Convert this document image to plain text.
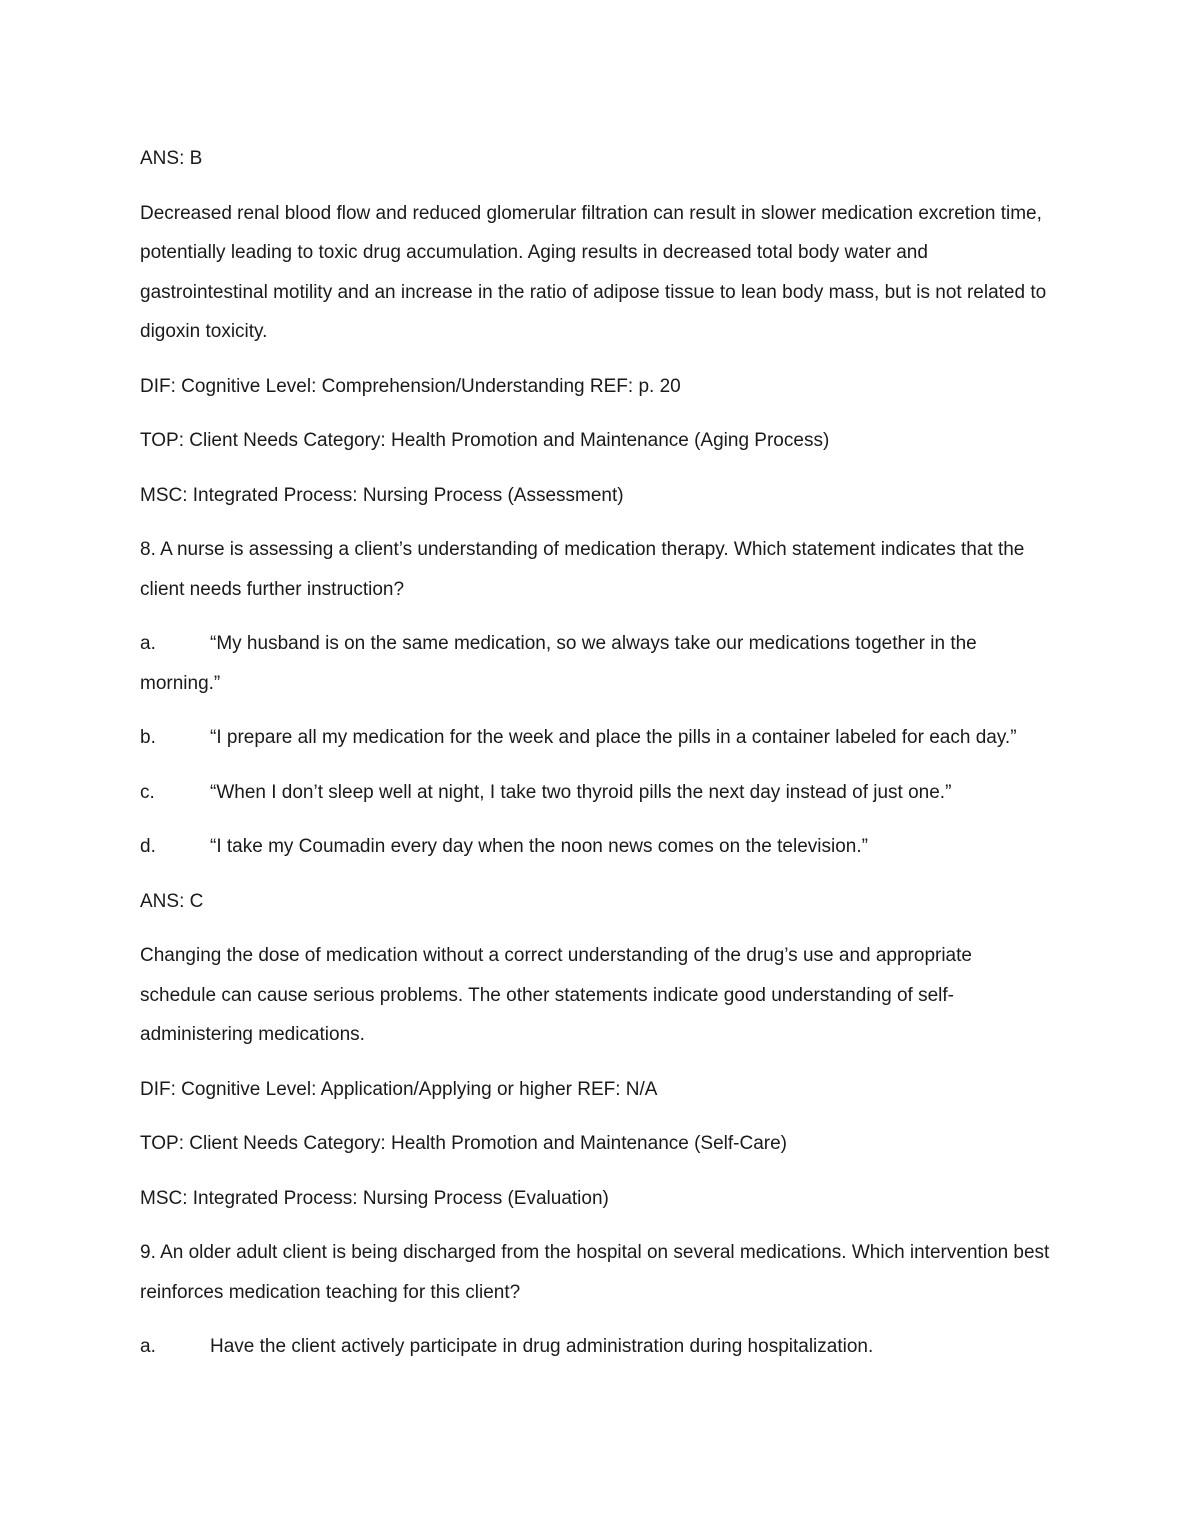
ANS: B

Decreased renal blood flow and reduced glomerular filtration can result in slower medication excretion time, potentially leading to toxic drug accumulation. Aging results in decreased total body water and gastrointestinal motility and an increase in the ratio of adipose tissue to lean body mass, but is not related to digoxin toxicity.

DIF: Cognitive Level: Comprehension/Understanding REF: p. 20

TOP: Client Needs Category: Health Promotion and Maintenance (Aging Process)

MSC: Integrated Process: Nursing Process (Assessment)

8. A nurse is assessing a client’s understanding of medication therapy. Which statement indicates that the client needs further instruction?

a.	“My husband is on the same medication, so we always take our medications together in the morning.”

b.	“I prepare all my medication for the week and place the pills in a container labeled for each day.”

c.	“When I don’t sleep well at night, I take two thyroid pills the next day instead of just one.”

d.	“I take my Coumadin every day when the noon news comes on the television.”

ANS: C

Changing the dose of medication without a correct understanding of the drug’s use and appropriate schedule can cause serious problems. The other statements indicate good understanding of self-administering medications.

DIF: Cognitive Level: Application/Applying or higher REF: N/A

TOP: Client Needs Category: Health Promotion and Maintenance (Self-Care)

MSC: Integrated Process: Nursing Process (Evaluation)

9. An older adult client is being discharged from the hospital on several medications. Which intervention best reinforces medication teaching for this client?

a.	Have the client actively participate in drug administration during hospitalization.
